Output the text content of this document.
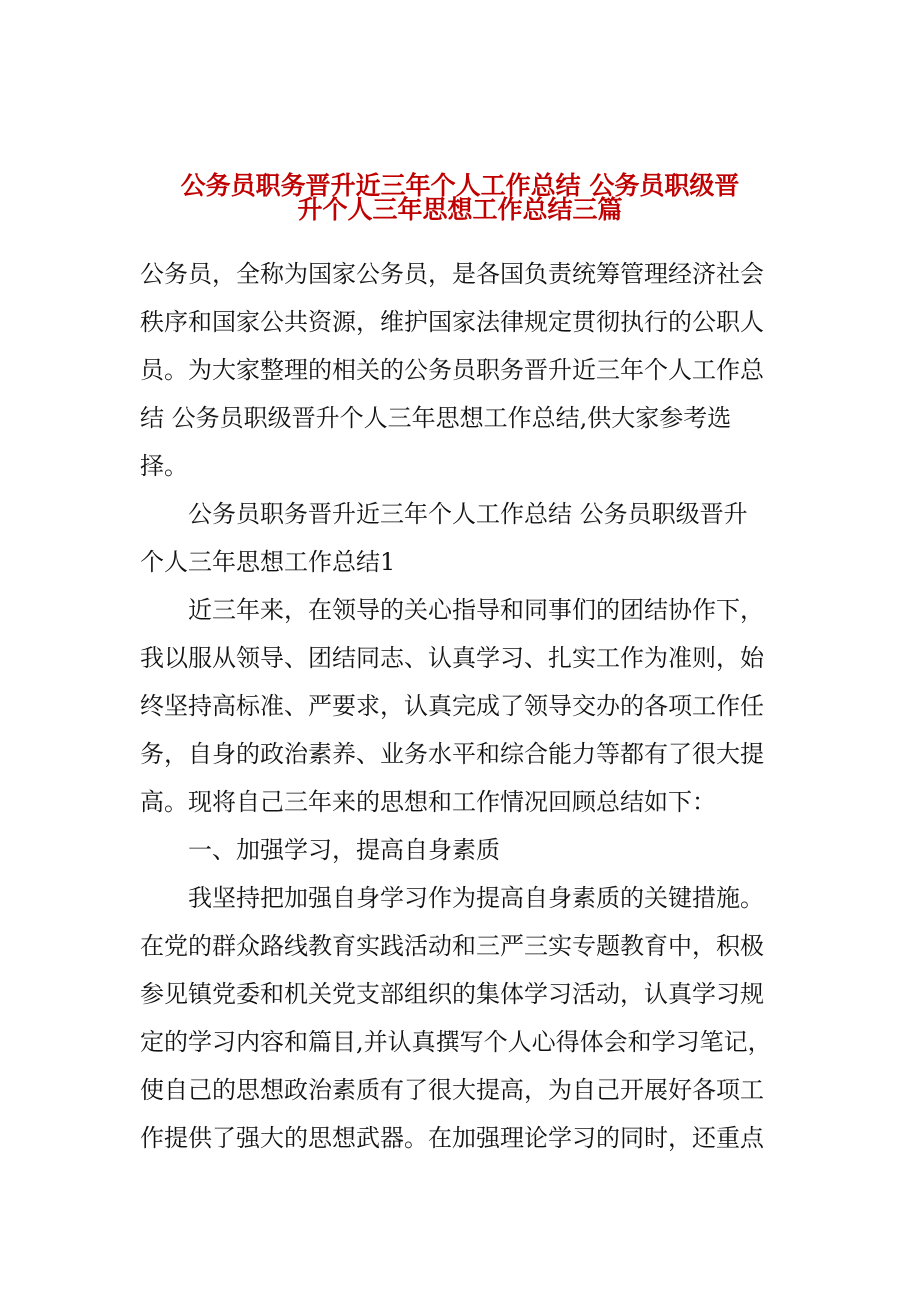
公务员职务晋升近三年个人工作总结 公务员职级晋
升个人三年思想工作总结三篇
公务员，全称为国家公务员，是各国负责统筹管理经济社会
秩序和国家公共资源，维护国家法律规定贯彻执行的公职人
员。为大家整理的相关的公务员职务晋升近三年个人工作总
结 公务员职级晋升个人三年思想工作总结,供大家参考选
择。
公务员职务晋升近三年个人工作总结 公务员职级晋升
个人三年思想工作总结1
近三年来，在领导的关心指导和同事们的团结协作下，
我以服从领导、团结同志、认真学习、扎实工作为准则，始
终坚持高标准、严要求，认真完成了领导交办的各项工作任
务，自身的政治素养、业务水平和综合能力等都有了很大提
高。现将自己三年来的思想和工作情况回顾总结如下：
一、加强学习，提高自身素质
我坚持把加强自身学习作为提高自身素质的关键措施。
在党的群众路线教育实践活动和三严三实专题教育中，积极
参见镇党委和机关党支部组织的集体学习活动，认真学习规
定的学习内容和篇目,并认真撰写个人心得体会和学习笔记，
使自己的思想政治素质有了很大提高，为自己开展好各项工
作提供了强大的思想武器。在加强理论学习的同时，还重点
